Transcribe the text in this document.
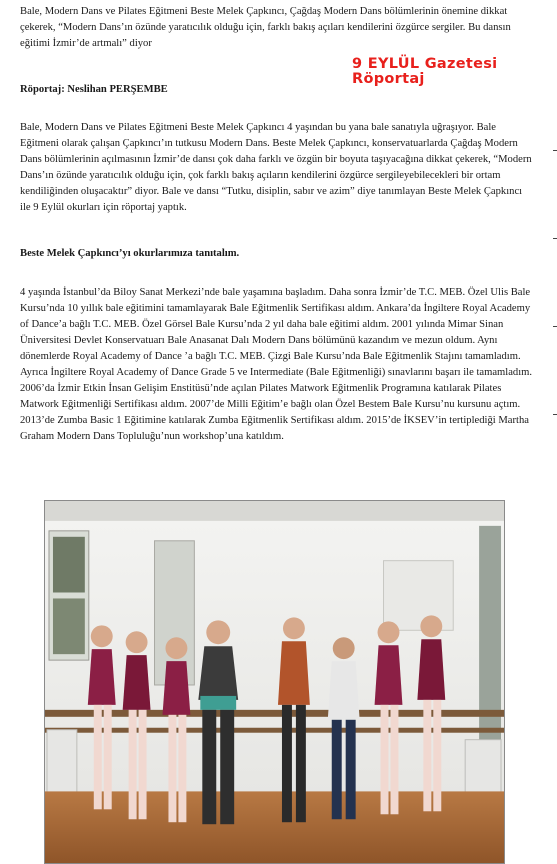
Bale, Modern Dans ve Pilates Eğitmeni Beste Melek Çapkıncı, Çağdaş Modern Dans bölümlerinin önemine dikkat çekerek, “Modern Dans’ın özünde yaratıcılık olduğu için, farklı bakış açıları kendilerini özgürce sergiler. Bu dansın eğitimi İzmir’de artmalı” diyor

9 EYLÜL Gazetesi
Röportaj

Röportaj: Neslihan PERŞEMBE

Bale, Modern Dans ve Pilates Eğitmeni Beste Melek Çapkıncı 4 yaşından bu yana bale sanatıyla uğraşıyor. Bale Eğitmeni olarak çalışan Çapkıncı’ın tutkusu Modern Dans. Beste Melek Çapkıncı, konservatuarlarda Çağdaş Modern Dans bölümlerinin açılmasının İzmir’de dansı çok daha farklı ve özgün bir boyuta taşıyacağına dikkat çekerek, “Modern Dans’ın özünde yaratıcılık olduğu için, çok farklı bakış açıların kendilerini özgürce sergileyebilecekleri bir ortam kendiliğinden oluşacaktır” diyor. Bale ve dansı “Tutku, disiplin, sabır ve azim” diye tanımlayan Beste Melek Çapkıncı ile 9 Eylül okurları için röportaj yaptık.

Beste Melek Çapkıncı’yı okurlarımıza tanıtalım.

4 yaşında İstanbul’da Biloy Sanat Merkezi’nde bale yaşamına başladım. Daha sonra İzmir’de T.C. MEB. Özel Ulis Bale Kursu’nda 10 yıllık bale eğitimini tamamlayarak Bale Eğitmenlik Sertifikası aldım. Ankara’da İngiltere Royal Academy of Dance’a bağlı T.C. MEB. Özel Görsel Bale Kursu’nda 2 yıl daha bale eğitimi aldım. 2001 yılında Mimar Sinan Üniversitesi Devlet Konservatuarı Bale Anasanat Dalı Modern Dans bölümünü kazandım ve mezun oldum. Aynı dönemlerde Royal Academy of Dance ’a bağlı T.C. MEB. Çizgi Bale Kursu’nda Bale Eğitmenlik Stajını tamamladım. Ayrıca İngiltere Royal Academy of Dance Grade 5 ve Intermediate (Bale Eğitmenliği) sınavlarını başarı ile tamamladım. 2006’da İzmir Etkin İnsan Gelişim Enstitüsü’nde açılan Pilates Matwork Eğitmenlik Programına katılarak Pilates Matwork Eğitmenliği Sertifikası aldım. 2007’de Milli Eğitim’e bağlı olan Özel Bestem Bale Kursu’nu kursunu açtım. 2013’de Zumba Basic 1 Eğitimine katılarak Zumba Eğitmenlik Sertifikası aldım. 2015’de İKSEV’in tertiplediği Martha Graham Modern Dans Topluluğu’nun workshop’una katıldım.
